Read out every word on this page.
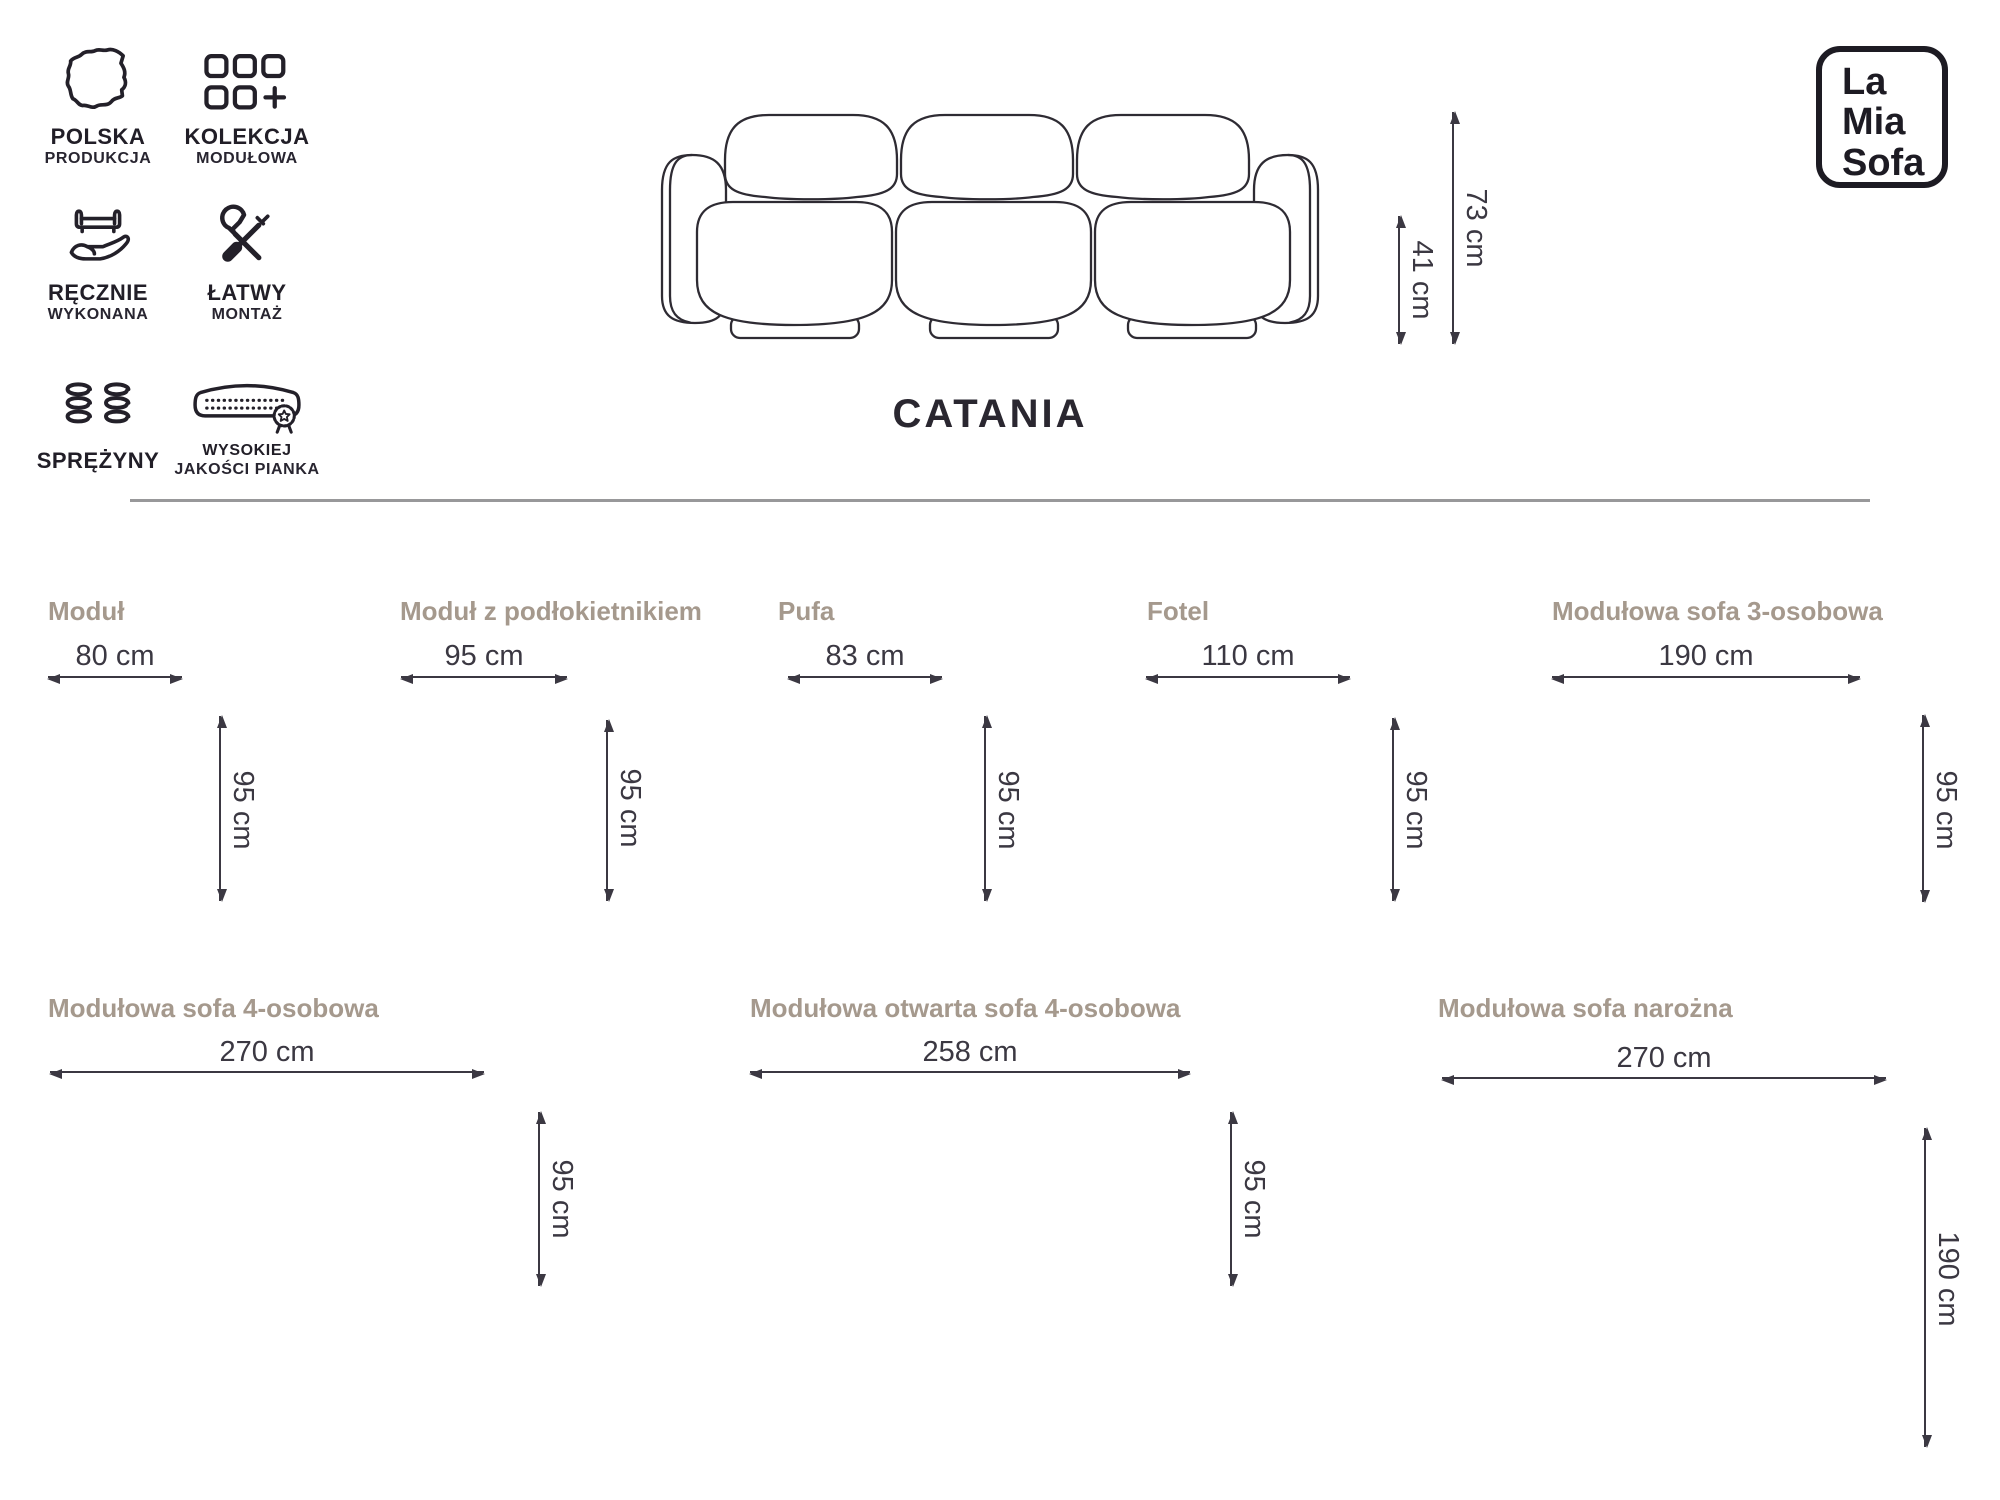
POLSKA
PRODUKCJA
KOLEKCJA
MODUŁOWA
RĘCZNIE
WYKONANA
ŁATWY
MONTAŻ
SPRĘŻYNY	WYSOKIEJ
JAKOŚCI PIANKA
La
Mia
Sofa
73 cm
41 cm
CATANIA
Moduł
80 cm
95 cm
Moduł z podłokietnikiem
95 cm
95 cm
Pufa
83 cm
95 cm
Fotel
110 cm
95 cm
Modułowa sofa 3-osobowa
190 cm
95 cm
Modułowa sofa 4-osobowa
270 cm
95 cm
Modułowa otwarta sofa 4-osobowa
258 cm
95 cm
Modułowa sofa narożna
270 cm
190 cm
